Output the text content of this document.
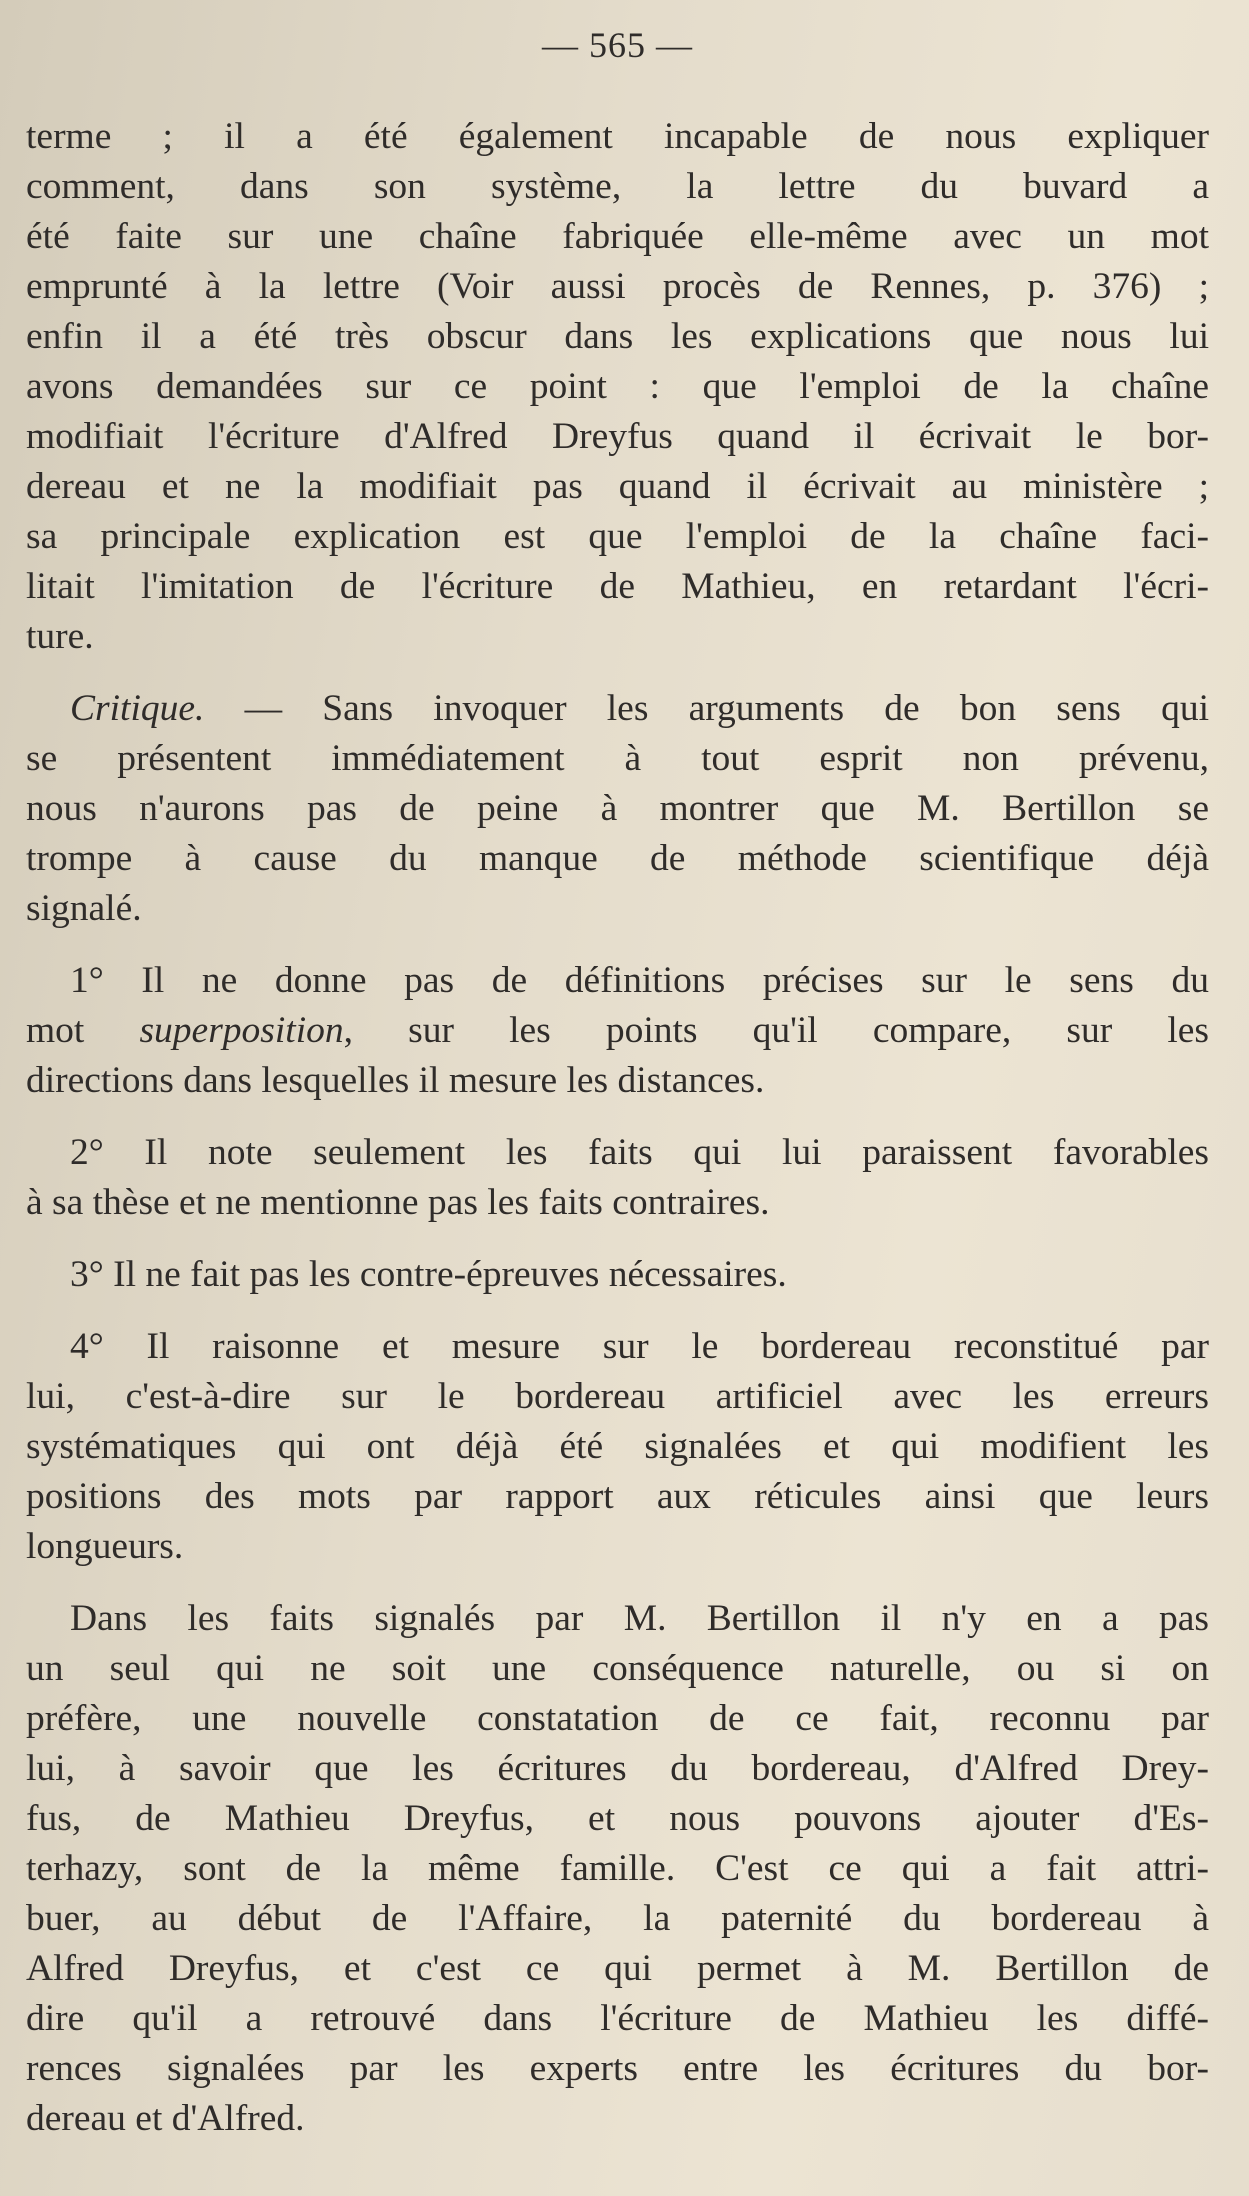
— 565 —
terme ; il a été également incapable de nous expliquer
comment, dans son système, la lettre du buvard a
été faite sur une chaîne fabriquée elle-même avec un mot
emprunté à la lettre (Voir aussi procès de Rennes, p. 376) ;
enfin il a été très obscur dans les explications que nous lui
avons demandées sur ce point : que l'emploi de la chaîne
modifiait l'écriture d'Alfred Dreyfus quand il écrivait le bor-
dereau et ne la modifiait pas quand il écrivait au ministère ;
sa principale explication est que l'emploi de la chaîne faci-
litait l'imitation de l'écriture de Mathieu, en retardant l'écri-
ture.
Critique. — Sans invoquer les arguments de bon sens qui
se présentent immédiatement à tout esprit non prévenu,
nous n'aurons pas de peine à montrer que M. Bertillon se
trompe à cause du manque de méthode scientifique déjà
signalé.
1° Il ne donne pas de définitions précises sur le sens du
mot superposition, sur les points qu'il compare, sur les
directions dans lesquelles il mesure les distances.
2° Il note seulement les faits qui lui paraissent favorables
à sa thèse et ne mentionne pas les faits contraires.
3° Il ne fait pas les contre-épreuves nécessaires.
4° Il raisonne et mesure sur le bordereau reconstitué par
lui, c'est-à-dire sur le bordereau artificiel avec les erreurs
systématiques qui ont déjà été signalées et qui modifient les
positions des mots par rapport aux réticules ainsi que leurs
longueurs.
Dans les faits signalés par M. Bertillon il n'y en a pas
un seul qui ne soit une conséquence naturelle, ou si on
préfère, une nouvelle constatation de ce fait, reconnu par
lui, à savoir que les écritures du bordereau, d'Alfred Drey-
fus, de Mathieu Dreyfus, et nous pouvons ajouter d'Es-
terhazy, sont de la même famille. C'est ce qui a fait attri-
buer, au début de l'Affaire, la paternité du bordereau à
Alfred Dreyfus, et c'est ce qui permet à M. Bertillon de
dire qu'il a retrouvé dans l'écriture de Mathieu les diffé-
rences signalées par les experts entre les écritures du bor-
dereau et d'Alfred.
